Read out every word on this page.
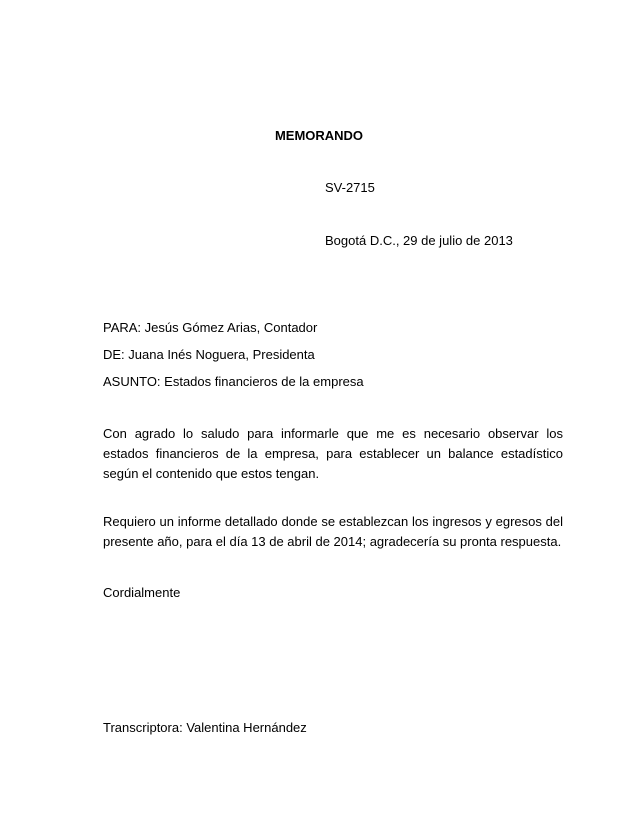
MEMORANDO
SV-2715
Bogotá D.C., 29 de julio de 2013
PARA: Jesús Gómez Arias, Contador
DE: Juana Inés Noguera, Presidenta
ASUNTO: Estados financieros de la empresa
Con agrado lo saludo para informarle que me es necesario observar los estados financieros de la empresa, para establecer un balance estadístico según el contenido que estos tengan.
Requiero un informe detallado donde se establezcan los ingresos y egresos del presente año, para el día 13 de abril de 2014; agradecería su pronta respuesta.
Cordialmente
Transcriptora: Valentina Hernández
